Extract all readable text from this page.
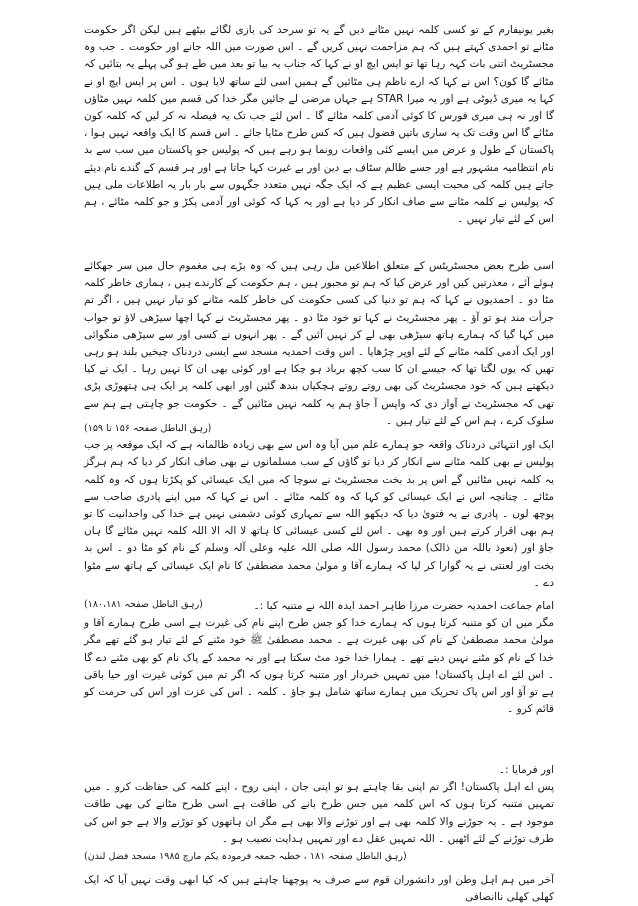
بغیر یونیفارم کے تو کسی کلمہ نہیں مٹانے دیں گے یہ تو سرحد کی بازی لگائے بیٹھے ہیں لیکن اگر حکومت مٹانے تو احمدی کہتے ہیں کہ ہم مزاحمت نہیں کریں گے ۔ اس صورت میں اللہ جانے اور حکومت ۔ جب وہ مجسٹریٹ اتنی بات کہہ رہا تھا تو ایس ایچ او نے کہا کہ جناب یہ بیا تو بعد میں طے ہو گی پہلے یہ بتائیں کہ مٹائے گا کون؟ اس نے کہا کہ ارے ناظم ہی مٹائیں گے ہمیں اسی لئے ساتھ لایا ہوں ۔ اس پر ایس ایچ او نے کہا یہ میری ڈیوٹی ہے اور یہ میرا STAR ہے جہاں مرضی لے جائیں مگر خدا کی قسم میں کلمہ نہیں مٹاؤں گا اور نہ ہی میری فورس کا کوئی آدمی کلمہ مٹائے گا ۔ اس لئے جب تک یہ فیصلہ نہ کر لیں کہ کلمہ کون مٹائے گا اس وقت تک یہ ساری باتیں فضول ہیں کہ کس طرح مٹایا جائے ۔ اس قسم کا ایک واقعہ نہیں ہوا ، پاکستان کے طول و عرض میں ایسے کئی واقعات رونما ہو رہے ہیں کہ پولیس جو پاکستان میں سب سے بد نام انتظامیہ مشہور ہے اور جسے ظالم سٹاف بے دین اور بے غیرت کہا جاتا ہے اور ہر قسم کے گندے نام دیئے جاتے ہیں کلمہ کی محبت ایسی عظیم ہے کہ ایک جگہ نہیں متعدد جگہوں سے بار بار یہ اطلاعات ملی ہیں کہ پولیس نے کلمہ مٹانے سے صاف انکار کر دیا ہے اور یہ کہا کہ کوئی اور آدمی پکڑ و جو کلمہ مٹائے ، ہم اس کے لئے تیار نہیں ۔

اسی طرح بعض مجسٹریٹس کے متعلق اطلاعیں مل رہی ہیں کہ وہ بڑے ہی مغموم حال میں سر جھکائے ہوئے آئے ، معذرتیں کیں اور عرض کیا کہ ہم تو مجبور ہیں ، ہم حکومت کے کارندے ہیں ، ہماری خاطر کلمہ مٹا دو ۔ احمدیوں نے کہا کہ ہم تو دنیا کی کسی حکومت کی خاطر کلمہ مٹانے کو تیار نہیں ہیں ، اگر تم جرأت مند ہو تو آؤ ۔ پھر مجسٹریٹ نے کہا تو خود مٹا دو ۔ پھر مجسٹریٹ نے کہا اچھا سیڑھی لاؤ تو جواب میں کہا گیا کہ ہمارے ہاتھ سیڑھی بھی لے کر نہیں آئیں گے ۔ پھر انہوں نے کسی اور سے سیڑھی منگوائی اور ایک آدمی کلمہ مٹانے کے لئے اوپر چڑھایا ۔ اس وقت احمدیہ مسجد سے ایسی دردناک چیخیں بلند ہو رہی تھیں کہ یوں لگتا تھا کہ جیسے ان کا سب کچھ برباد ہو چکا ہے اور کوئی بھی ان کا نہیں رہا ۔ ایک نے کیا دیکھتے ہیں کہ خود مجسٹریٹ کی بھی روتے روتے ہچکیاں بندھ گئیں اور ابھی کلمہ پر ایک ہی ہتھوڑی پڑی تھی کہ مجسٹریٹ نے آواز دی کہ واپس آ جاؤ ہم یہ کلمہ نہیں مٹائیں گے ۔ حکومت جو چاہتی ہے ہم سے سلوک کرے ، ہم اس کے لئے تیار ہیں ۔

(رہق الباطل صفحہ ۱۵۶ تا ۱۵۹)

ایک اور انتہائی دردناک واقعہ جو ہمارے علم میں آیا وہ اس سے بھی زیادہ ظالمانہ ہے کہ ایک موقعہ پر جب پولیس نے بھی کلمہ مٹانے سے انکار کر دیا تو گاؤں کے سب مسلمانوں نے بھی صاف انکار کر دیا کہ ہم ہرگز یہ کلمہ نہیں مٹائیں گے اس پر بد بخت مجسٹریٹ نے سوچا کہ میں ایک عیسائی کو پکڑتا ہوں کہ وہ کلمہ مٹائے ۔ چنانچہ اس نے ایک عیسائی کو کہا کہ وہ کلمہ مٹائے ۔ اس نے کہا کہ میں اپنے پادری صاحب سے پوچھ لوں ۔ پادری نے یہ فتویٰ دیا کہ دیکھو اللہ سے تمہاری کوئی دشمنی نہیں ہے خدا کی واحدانیت کا تو ہم بھی اقرار کرتے ہیں اور وہ بھی ۔ اس لئے کسی عیسائی کا ہاتھ لا الہ الا اللہ کلمہ نہیں مٹائے گا ہاں جاؤ اور (نعوذ باللہ من ذالک) محمد رسول اللہ صلی اللہ علیہ وعلی آلہ وسلم کے نام کو مٹا دو ۔ اس بد بخت اور لعنتی نے یہ گوارا کر لیا کہ ہمارے آقا و مولیٰ محمد مصطفیٰ کا نام ایک عیسائی کے ہاتھ سے مٹوا دے ۔

(رہق الباطل صفحہ ۱۸۰،۱۸۱)	امام جماعت احمدیہ حضرت مرزا طاہر احمد ایدہ اللہ نے متنبہ کیا :۔

مگر میں ان کو متنبہ کرتا ہوں کہ ہمارے خدا کو جس طرح اپنے نام کی غیرت ہے اسی طرح ہمارے آقا و مولیٰ محمد مصطفیٰ کے نام کی بھی غیرت ہے ۔ محمد مصطفیٰ ﷺ خود مٹنے کے لئے تیار ہو گئے تھے مگر خدا کے نام کو مٹنے نہیں دیتے تھے ۔ ہمارا خدا خود مٹ سکتا ہے اور نہ محمد کے پاک نام کو بھی مٹنے دے گا ۔ اس لئے اے اہل پاکستان! میں تمہیں خبردار اور متنبہ کرتا ہوں کہ اگر تم میں کوئی غیرت اور حیا باقی ہے تو آؤ اور اس پاک تحریک میں ہمارے ساتھ شامل ہو جاؤ ۔ کلمہ ۔ اس کی عزت اور اس کی حرمت کو قائم کرو ۔

اور فرمایا :۔

پس اے اہل پاکستان! اگر تم اپنی بقا چاہتے ہو تو اپنی جان ، اپنی روح ، اپنے کلمہ کی حفاظت کرو ۔ میں تمہیں متنبہ کرتا ہوں کہ اس کلمہ میں جس طرح بانے کی طاقت ہے اسی طرح مٹانے کی بھی طاقت موجود ہے ۔ یہ جوڑنے والا کلمہ بھی ہے اور توڑنے والا بھی ہے مگر ان ہاتھوں کو توڑنے والا ہے جو اس کی طرف توڑنے کے لئے اٹھیں ۔ اللہ تمہیں عقل دے اور تمہیں ہدایت نصیب ہو ۔

(رہق الباطل صفحہ ۱۸۱ ، خطبہ جمعہ فرمودہ یکم مارچ ۱۹۸۵ مسجد فضل لندن)

آخر میں ہم اہل وطن اور دانشوران قوم سے صرف یہ پوچھنا چاہتے ہیں کہ کیا ابھی وقت نہیں آیا کہ ایک کھلی کھلی ناانصافی
